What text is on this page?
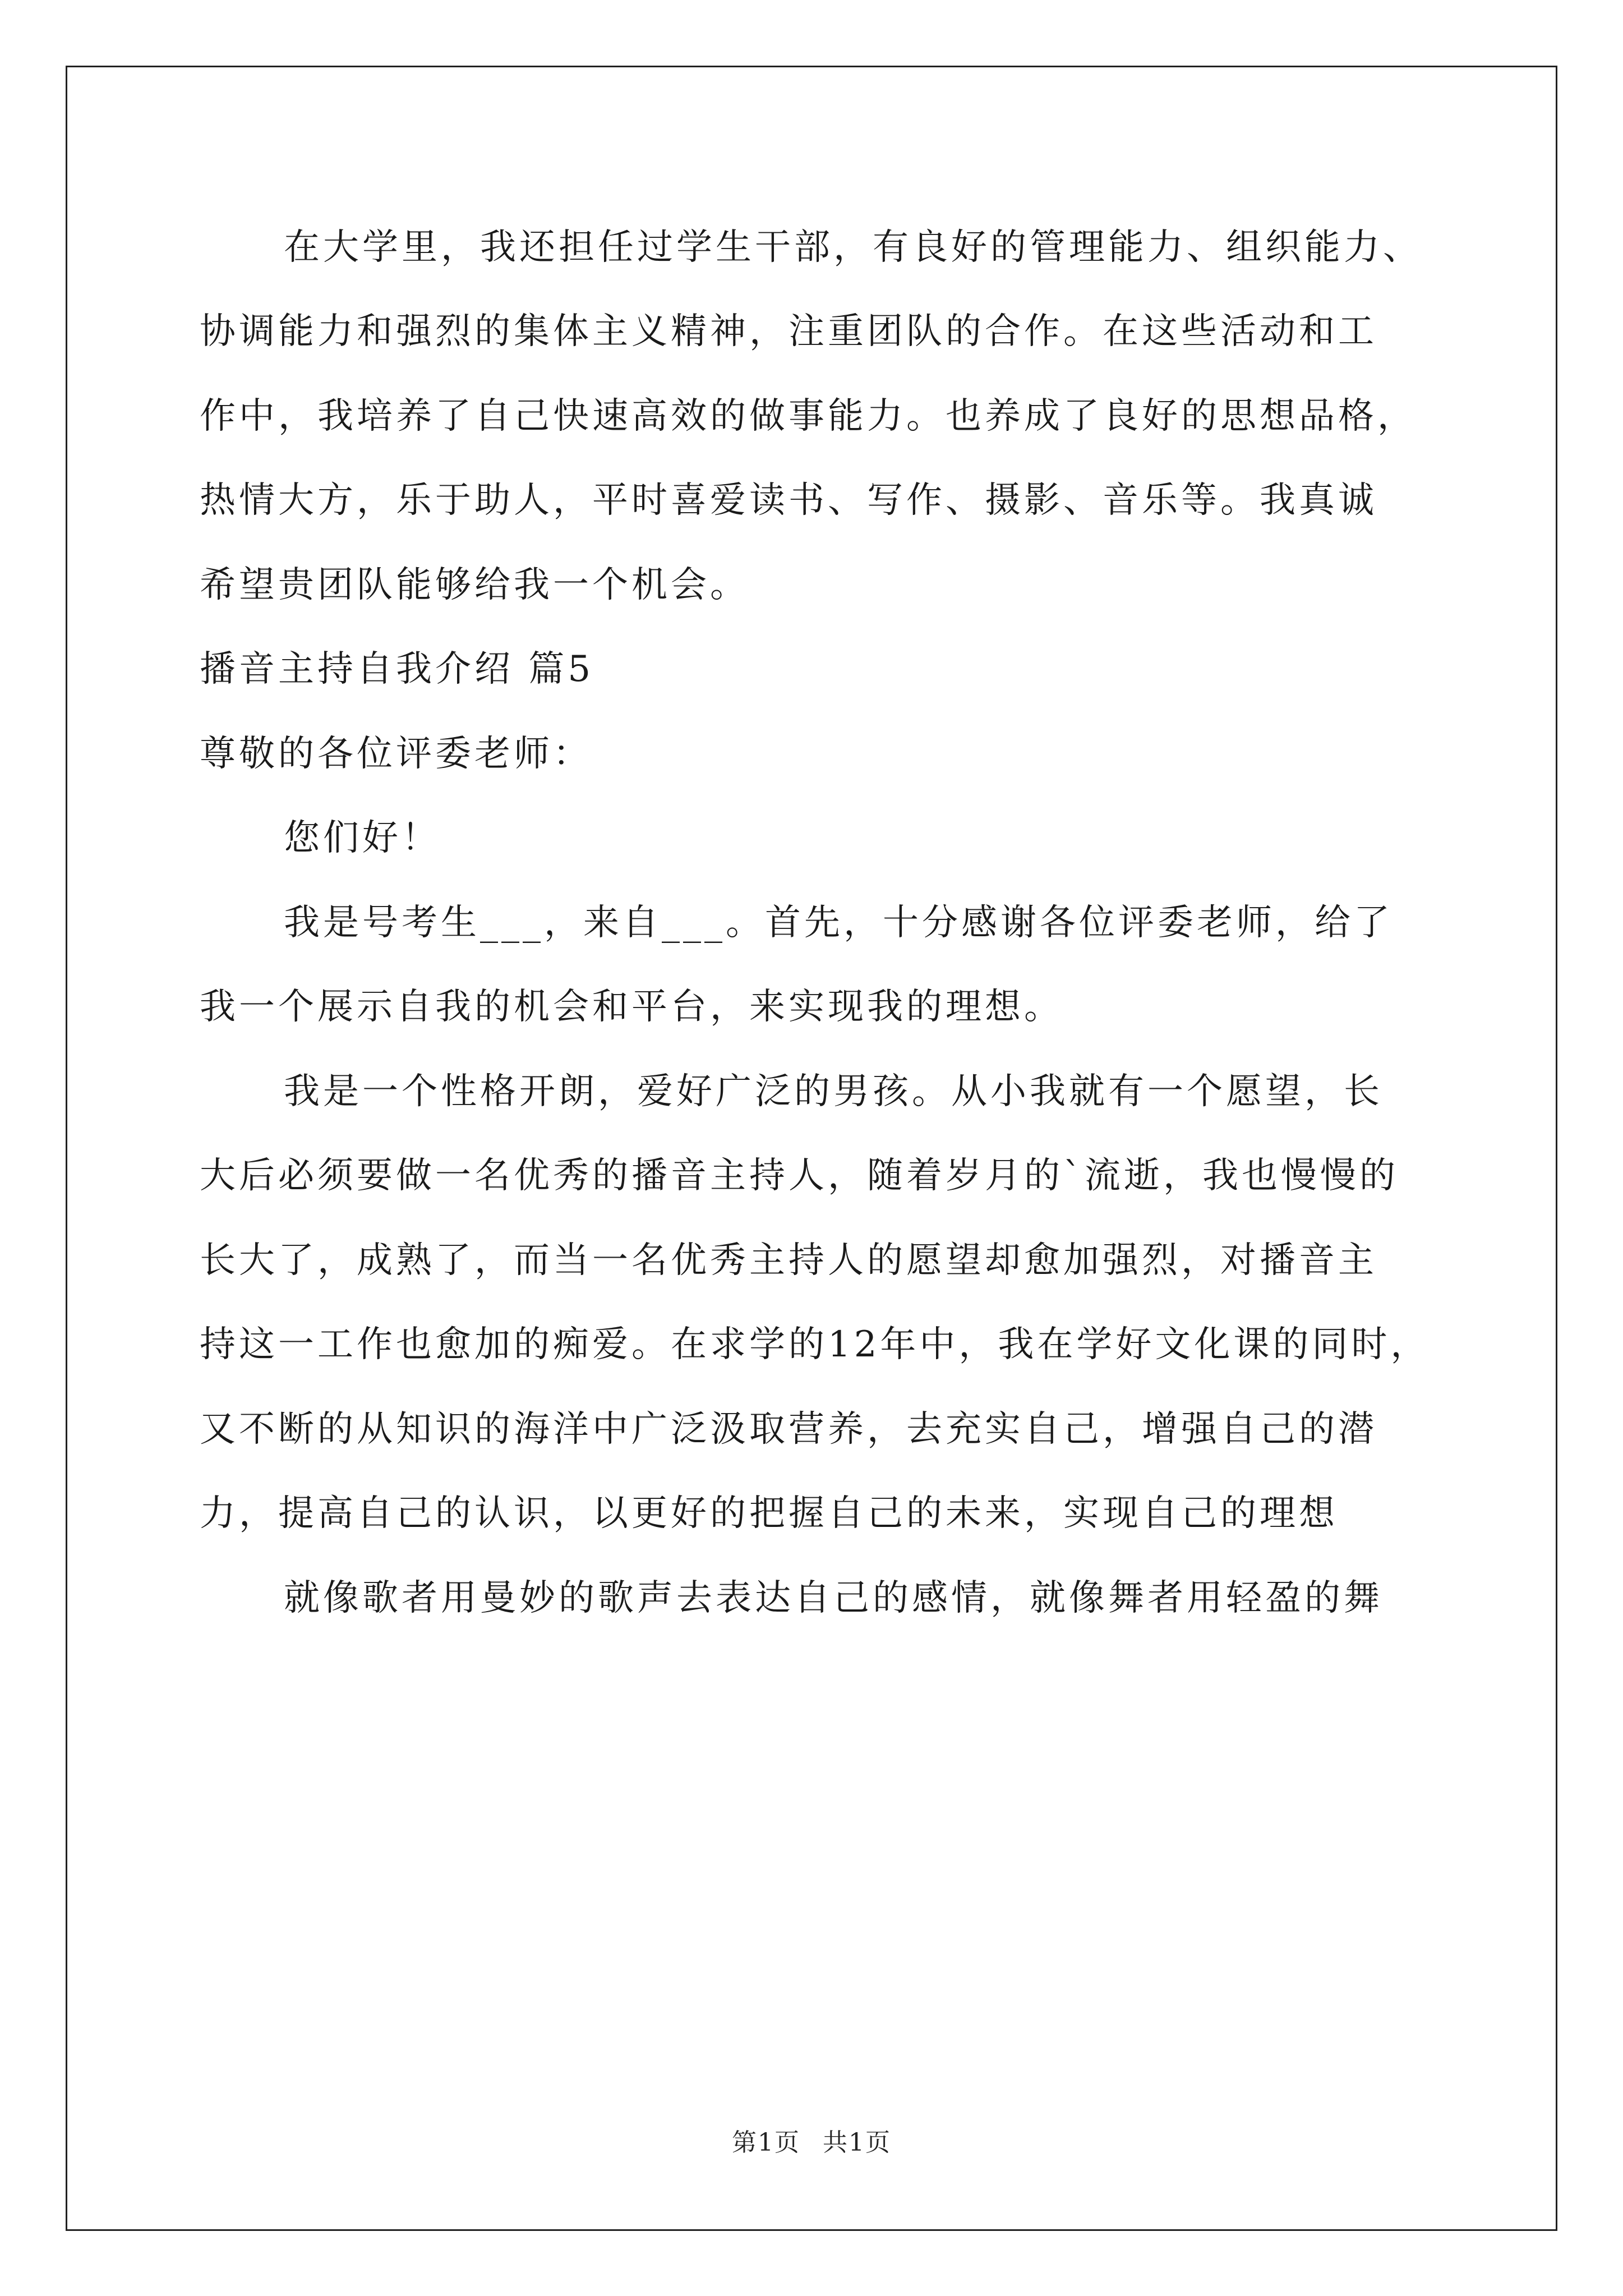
在大学里，我还担任过学生干部，有良好的管理能力、组织能力、
协调能力和强烈的集体主义精神，注重团队的合作。在这些活动和工
作中，我培养了自己快速高效的做事能力。也养成了良好的思想品格，
热情大方，乐于助人，平时喜爱读书、写作、摄影、音乐等。我真诚
希望贵团队能够给我一个机会。
播音主持自我介绍 篇5
尊敬的各位评委老师：
您们好！
我是号考生___，来自___。首先，十分感谢各位评委老师，给了
我一个展示自我的机会和平台，来实现我的理想。
我是一个性格开朗，爱好广泛的男孩。从小我就有一个愿望，长
大后必须要做一名优秀的播音主持人，随着岁月的`流逝，我也慢慢的
长大了，成熟了，而当一名优秀主持人的愿望却愈加强烈，对播音主
持这一工作也愈加的痴爱。在求学的12年中，我在学好文化课的同时，
又不断的从知识的海洋中广泛汲取营养，去充实自己，增强自己的潜
力，提高自己的认识，以更好的把握自己的未来，实现自己的理想
就像歌者用曼妙的歌声去表达自己的感情，就像舞者用轻盈的舞
第1页 共1页
